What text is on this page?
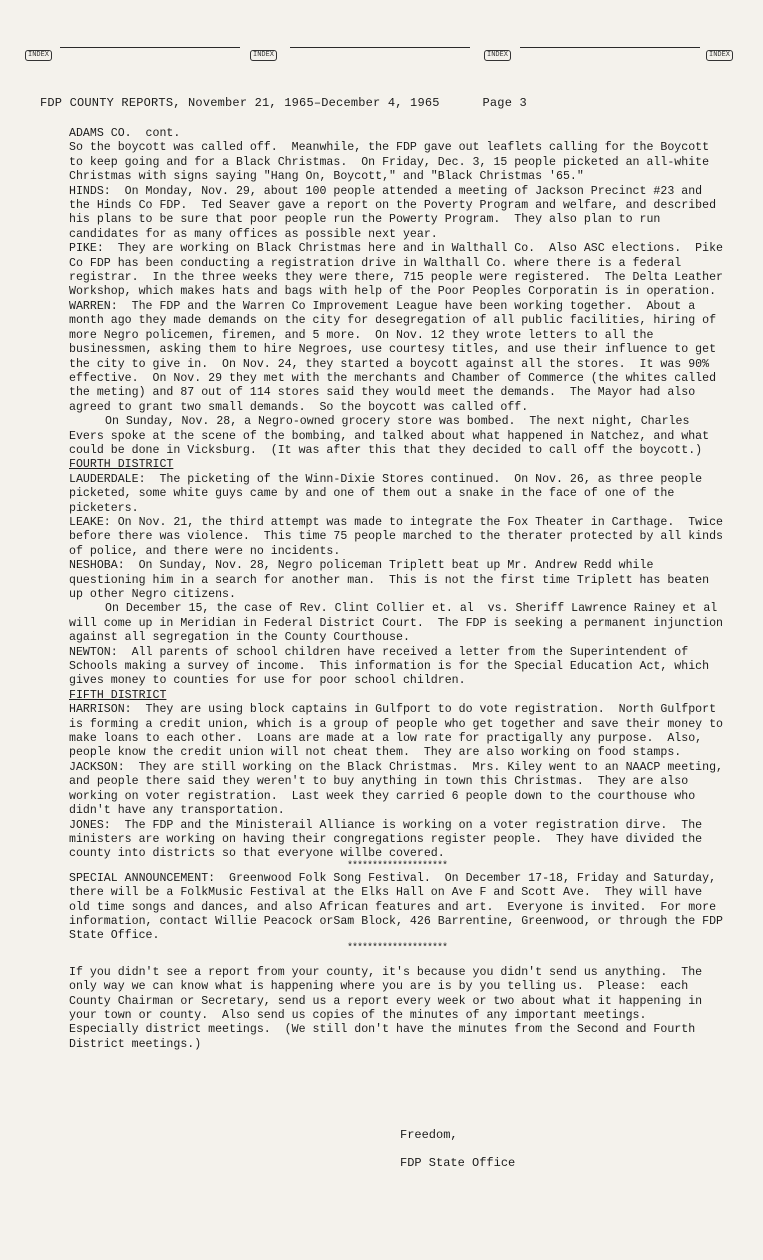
INDEX	INDEX	INDEX	INDEX
FDP COUNTY REPORTS, November 21, 1965–December 4, 1965	Page 3

ADAMS CO.  cont.

So the boycott was called off.  Meanwhile, the FDP gave out leaflets calling for the Boycott to keep going and for a Black Christmas.  On Friday, Dec. 3, 15 people picketed an all-white Christmas with signs saying "Hang On, Boycott," and "Black Christmas '65."

HINDS:  On Monday, Nov. 29, about 100 people attended a meeting of Jackson Precinct #23 and the Hinds Co FDP.  Ted Seaver gave a report on the Poverty Program and welfare, and described his plans to be sure that poor people run the Powerty Program.  They also plan to run candidates for as many offices as possible next year.

PIKE:  They are working on Black Christmas here and in Walthall Co.  Also ASC elections.  Pike Co FDP has been conducting a registration drive in Walthall Co. where there is a federal registrar.  In the three weeks they were there, 715 people were registered.  The Delta Leather Workshop, which makes hats and bags with help of the Poor Peoples Corporatin is in operation.

WARREN:  The FDP and the Warren Co Improvement League have been working together.  About a month ago they made demands on the city for desegregation of all public facilities, hiring of more Negro policemen, firemen, and 5 more.  On Nov. 12 they wrote letters to all the businessmen, asking them to hire Negroes, use courtesy titles, and use their influence to get the city to give in.  On Nov. 24, they started a boycott against all the stores.  It was 90% effective.  On Nov. 29 they met with the merchants and Chamber of Commerce (the whites called the meting) and 87 out of 114 stores said they would meet the demands.  The Mayor had also agreed to grant two small demands.  So the boycott was called off.

On Sunday, Nov. 28, a Negro-owned grocery store was bombed.  The next night, Charles Evers spoke at the scene of the bombing, and talked about what happened in Natchez, and what could be done in Vicksburg.  (It was after this that they decided to call off the boycott.)

FOURTH DISTRICT

LAUDERDALE:  The picketing of the Winn-Dixie Stores continued.  On Nov. 26, as three people picketed, some white guys came by and one of them out a snake in the face of one of the picketers.

LEAKE: On Nov. 21, the third attempt was made to integrate the Fox Theater in Carthage.  Twice before there was violence.  This time 75 people marched to the therater protected by all kinds of police, and there were no incidents.

NESHOBA:  On Sunday, Nov. 28, Negro policeman Triplett beat up Mr. Andrew Redd while questioning him in a search for another man.  This is not the first time Triplett has beaten up other Negro citizens.

On December 15, the case of Rev. Clint Collier et. al  vs. Sheriff Lawrence Rainey et al  will come up in Meridian in Federal District Court.  The FDP is seeking a permanent injunction against all segregation in the County Courthouse.

NEWTON:  All parents of school children have received a letter from the Superintendent of Schools making a survey of income.  This information is for the Special Education Act, which gives money to counties for use for poor school children.

FIFTH DISTRICT

HARRISON:  They are using block captains in Gulfport to do vote registration.  North Gulfport is forming a credit union, which is a group of people who get together and save their money to make loans to each other.  Loans are made at a low rate for practigally any purpose.  Also, people know the credit union will not cheat them.  They are also working on food stamps.

JACKSON:  They are still working on the Black Christmas.  Mrs. Kiley went to an NAACP meeting, and people there said they weren't to buy anything in town this Christmas.  They are also working on voter registration.  Last week they carried 6 people down to the courthouse who didn't have any transportation.

JONES:  The FDP and the Ministerail Alliance is working on a voter registration dirve.  The ministers are working on having their congregations register people.  They have divided the county into districts so that everyone willbe covered.

********************

SPECIAL ANNOUNCEMENT:  Greenwood Folk Song Festival.  On December 17-18, Friday and Saturday, there will be a FolkMusic Festival at the Elks Hall on Ave F and Scott Ave.  They will have old time songs and dances, and also African features and art.  Everyone is invited.  For more information, contact Willie Peacock orSam Block, 426 Barrentine, Greenwood, or through the FDP State Office.

********************

If you didn't see a report from your county, it's because you didn't send us anything.  The only way we can know what is happening where you are is by you telling us.  Please:  each County Chairman or Secretary, send us a report every week or two about what it happening in your town or county.  Also send us copies of the minutes of any important meetings.  Especially district meetings.  (We still don't have the minutes from the Second and Fourth District meetings.)

Freedom,
FDP State Office
